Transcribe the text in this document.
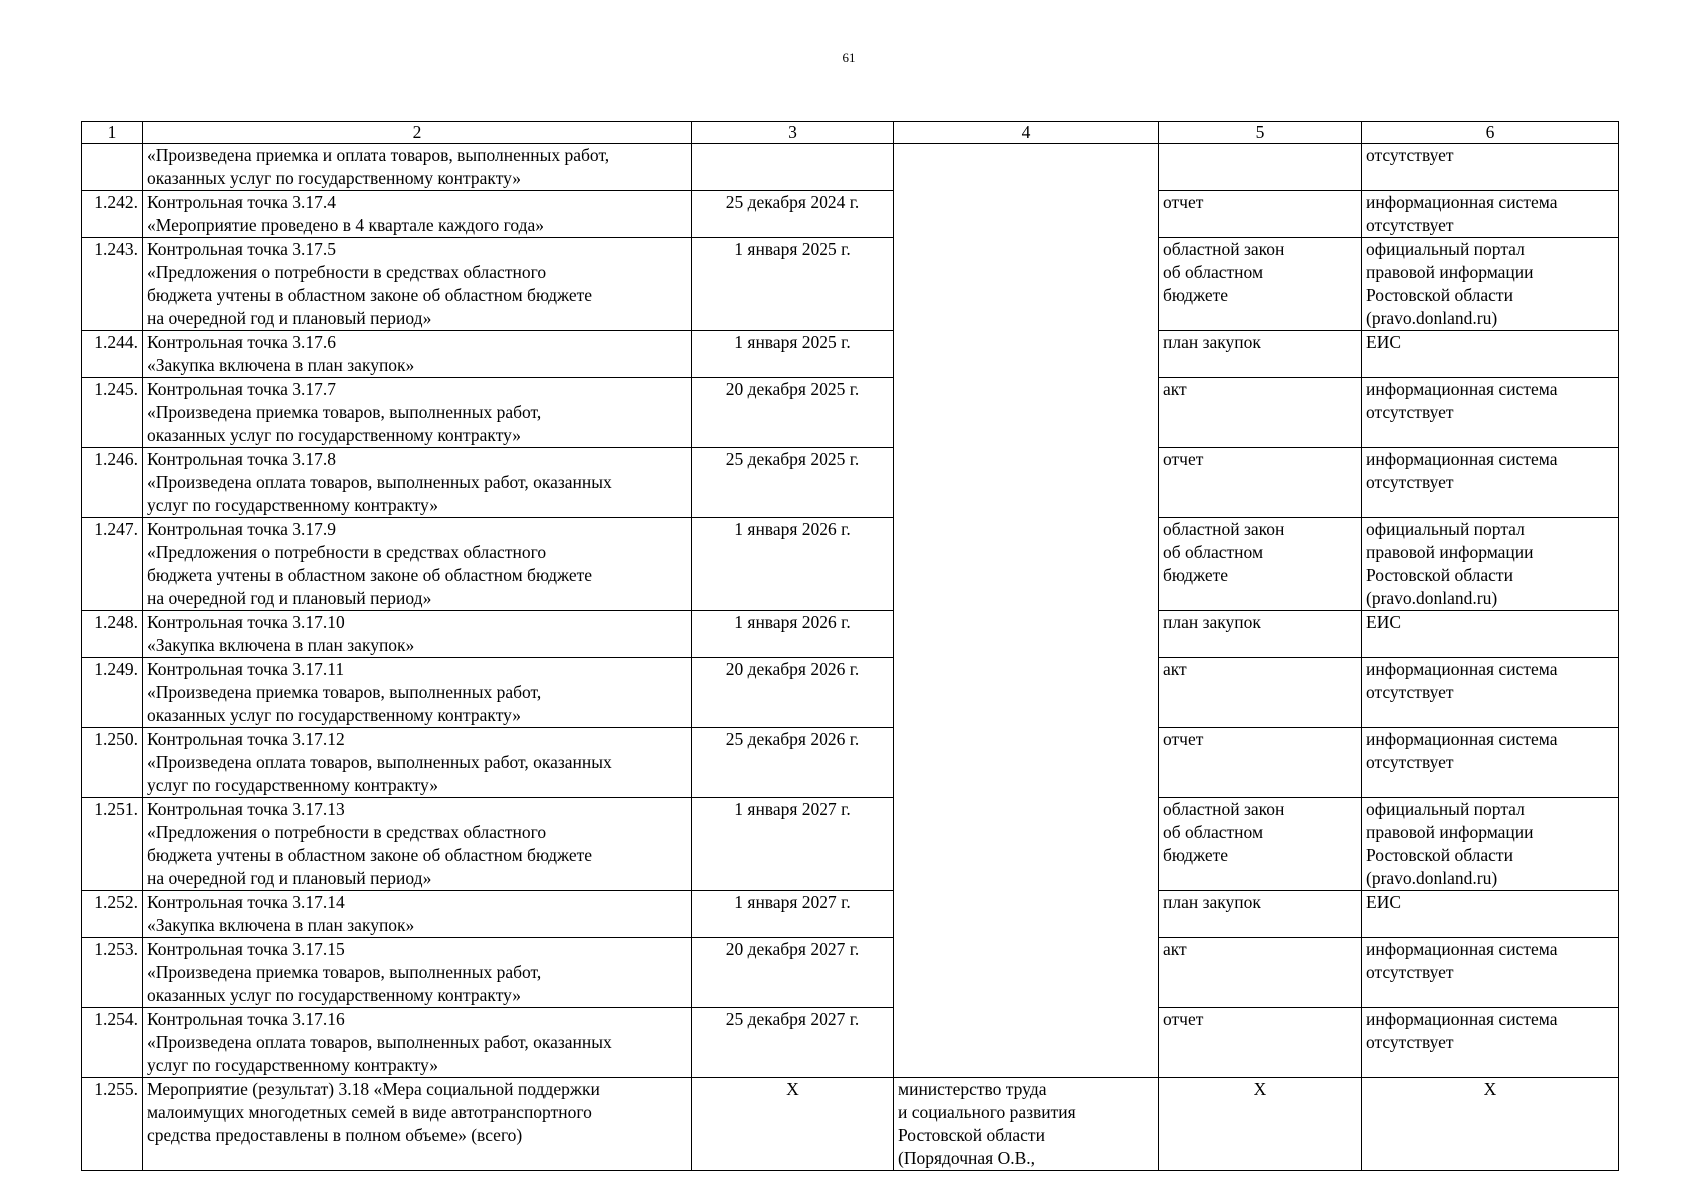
61
1	2	3	4	5	6

	«Произведена приемка и оплата товаров, выполненных работ,
оказанных услуг по государственному контракту»				отсутствует

1.242.	Контрольная точка 3.17.4
«Мероприятие проведено в 4 квартале каждого года»	25 декабря 2024 г.		отчет	информационная система
отсутствует

1.243.	Контрольная точка 3.17.5
«Предложения о потребности в средствах областного
бюджета учтены в областном законе об областном бюджете
на очередной год и плановый период»	1 января 2025 г.		областной закон
об областном
бюджете	официальный портал
правовой информации
Ростовской области
(pravo.donland.ru)

1.244.	Контрольная точка 3.17.6
«Закупка включена в план закупок»	1 января 2025 г.		план закупок	ЕИС

1.245.	Контрольная точка 3.17.7
«Произведена приемка товаров, выполненных работ,
оказанных услуг по государственному контракту»	20 декабря 2025 г.		акт	информационная система
отсутствует

1.246.	Контрольная точка 3.17.8
«Произведена оплата товаров, выполненных работ, оказанных
услуг по государственному контракту»	25 декабря 2025 г.		отчет	информационная система
отсутствует

1.247.	Контрольная точка 3.17.9
«Предложения о потребности в средствах областного
бюджета учтены в областном законе об областном бюджете
на очередной год и плановый период»	1 января 2026 г.		областной закон
об областном
бюджете	официальный портал
правовой информации
Ростовской области
(pravo.donland.ru)

1.248.	Контрольная точка 3.17.10
«Закупка включена в план закупок»	1 января 2026 г.		план закупок	ЕИС

1.249.	Контрольная точка 3.17.11
«Произведена приемка товаров, выполненных работ,
оказанных услуг по государственному контракту»	20 декабря 2026 г.		акт	информационная система
отсутствует

1.250.	Контрольная точка 3.17.12
«Произведена оплата товаров, выполненных работ, оказанных
услуг по государственному контракту»	25 декабря 2026 г.		отчет	информационная система
отсутствует

1.251.	Контрольная точка 3.17.13
«Предложения о потребности в средствах областного
бюджета учтены в областном законе об областном бюджете
на очередной год и плановый период»	1 января 2027 г.		областной закон
об областном
бюджете	официальный портал
правовой информации
Ростовской области
(pravo.donland.ru)

1.252.	Контрольная точка 3.17.14
«Закупка включена в план закупок»	1 января 2027 г.		план закупок	ЕИС

1.253.	Контрольная точка 3.17.15
«Произведена приемка товаров, выполненных работ,
оказанных услуг по государственному контракту»	20 декабря 2027 г.		акт	информационная система
отсутствует

1.254.	Контрольная точка 3.17.16
«Произведена оплата товаров, выполненных работ, оказанных
услуг по государственному контракту»	25 декабря 2027 г.		отчет	информационная система
отсутствует

1.255.	Мероприятие (результат) 3.18 «Мера социальной поддержки
малоимущих многодетных семей в виде автотранспортного
средства предоставлены в полном объеме» (всего)	Х	министерство труда
и социального развития
Ростовской области
(Порядочная О.В.,	Х	Х
